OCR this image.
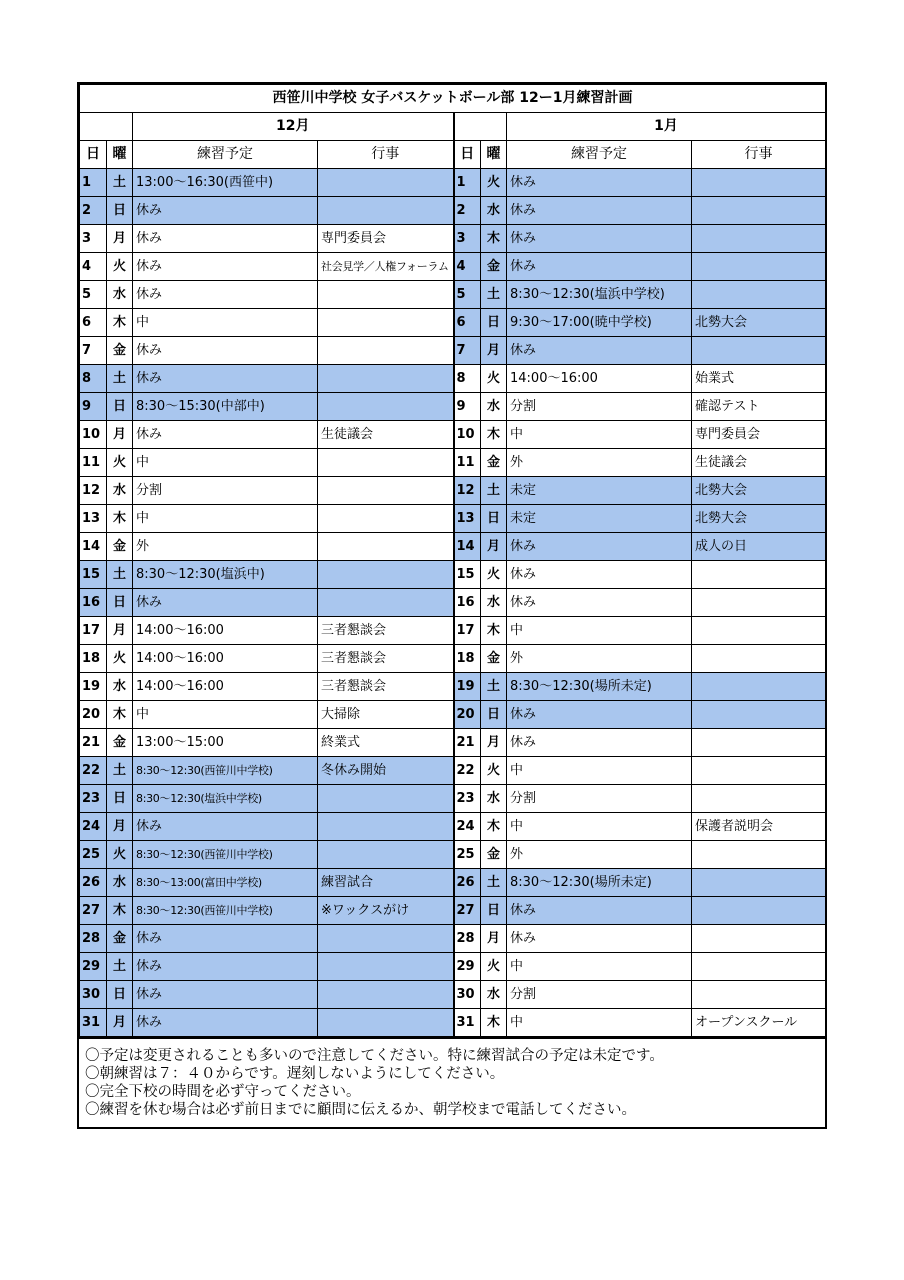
西笹川中学校 女子バスケットボール部 12ー1月練習計画							
		12月				1月	
日	曜	練習予定	行事	日	曜	練習予定	行事
1	土	13:00～16:30(西笹中)		1	火	休み	
2	日	休み		2	水	休み	
3	月	休み	専門委員会	3	木	休み	
4	火	休み	社会見学／人権フォーラム	4	金	休み	
5	水	休み		5	土	8:30～12:30(塩浜中学校)	
6	木	中		6	日	9:30～17:00(暁中学校)	北勢大会
7	金	休み		7	月	休み	
8	土	休み		8	火	14:00～16:00	始業式
9	日	8:30～15:30(中部中)		9	水	分割	確認テスト
10	月	休み	生徒議会	10	木	中	専門委員会
11	火	中		11	金	外	生徒議会
12	水	分割		12	土	未定	北勢大会
13	木	中		13	日	未定	北勢大会
14	金	外		14	月	休み	成人の日
15	土	8:30～12:30(塩浜中)		15	火	休み	
16	日	休み		16	水	休み	
17	月	14:00～16:00	三者懇談会	17	木	中	
18	火	14:00～16:00	三者懇談会	18	金	外	
19	水	14:00～16:00	三者懇談会	19	土	8:30～12:30(場所未定)	
20	木	中	大掃除	20	日	休み	
21	金	13:00～15:00	終業式	21	月	休み	
22	土	8:30～12:30(西笹川中学校)	冬休み開始	22	火	中	
23	日	8:30～12:30(塩浜中学校)		23	水	分割	
24	月	休み		24	木	中	保護者説明会
25	火	8:30～12:30(西笹川中学校)		25	金	外	
26	水	8:30～13:00(富田中学校)	練習試合	26	土	8:30～12:30(場所未定)	
27	木	8:30～12:30(西笹川中学校)	※ワックスがけ	27	日	休み	
28	金	休み		28	月	休み	
29	土	休み		29	火	中	
30	日	休み		30	水	分割	
31	月	休み		31	木	中	オープンスクール
〇予定は変更されることも多いので注意してください。特に練習試合の予定は未定です。
〇朝練習は７：４０からです。遅刻しないようにしてください。
〇完全下校の時間を必ず守ってください。
〇練習を休む場合は必ず前日までに顧問に伝えるか、朝学校まで電話してください。
